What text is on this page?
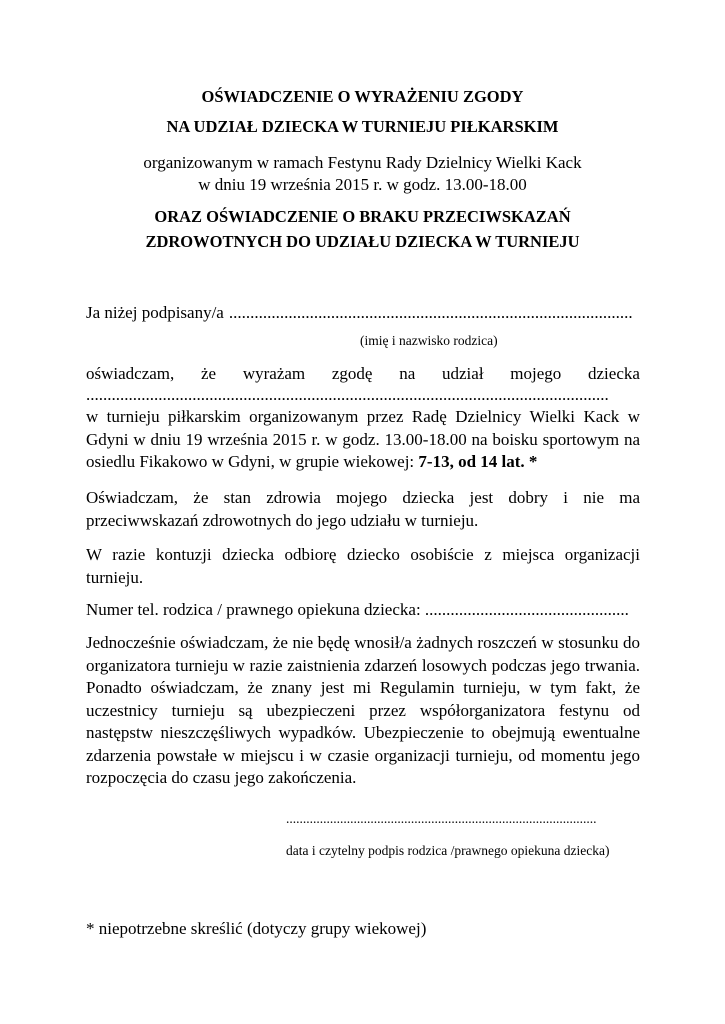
OŚWIADCZENIE O WYRAŻENIU ZGODY
NA UDZIAŁ DZIECKA W TURNIEJU PIŁKARSKIM
organizowanym w ramach Festynu Rady Dzielnicy Wielki Kack
w dniu 19 września 2015 r. w godz. 13.00-18.00
ORAZ OŚWIADCZENIE O BRAKU PRZECIWSKAZAŃ
ZDROWOTNYCH DO UDZIAŁU DZIECKA W TURNIEJU
Ja niżej podpisany/a ...............................................................................................
(imię i nazwisko rodzica)
oświadczam, że wyrażam zgodę na udział mojego dziecka
...........................................................................................................................
w turnieju piłkarskim organizowanym przez Radę Dzielnicy Wielki Kack w Gdyni w dniu 19 września 2015 r. w godz. 13.00-18.00 na boisku sportowym na osiedlu Fikakowo w Gdyni, w grupie wiekowej: 7-13, od 14 lat. *
Oświadczam, że stan zdrowia mojego dziecka jest dobry i nie ma przeciwwskazań zdrowotnych do jego udziału w turnieju.
W razie kontuzji dziecka odbiorę dziecko osobiście z miejsca organizacji turnieju.
Numer tel. rodzica / prawnego opiekuna dziecka: ................................................
Jednocześnie oświadczam, że nie będę wnosił/a żadnych roszczeń w stosunku do organizatora turnieju w razie zaistnienia zdarzeń losowych podczas jego trwania. Ponadto oświadczam, że znany jest mi Regulamin turnieju, w tym fakt, że uczestnicy turnieju są ubezpieczeni przez współorganizatora festynu od następstw nieszczęśliwych wypadków. Ubezpieczenie to obejmują ewentualne zdarzenia powstałe w miejscu i w czasie organizacji turnieju, od momentu jego rozpoczęcia do czasu jego zakończenia.
............................................................................................
data i czytelny podpis rodzica /prawnego opiekuna dziecka)
* niepotrzebne skreślić (dotyczy grupy wiekowej)
